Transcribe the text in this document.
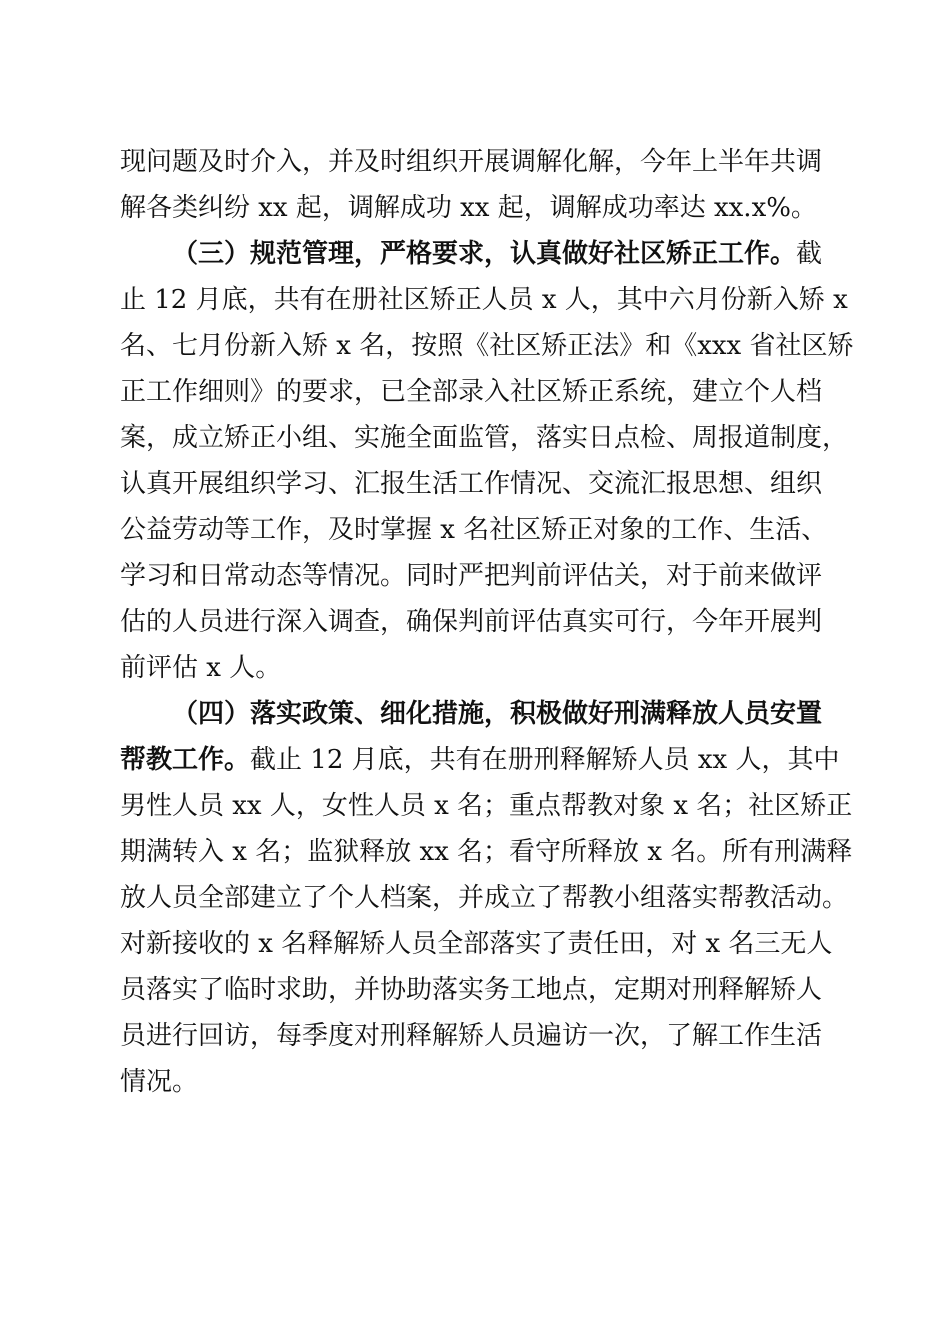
现问题及时介入，并及时组织开展调解化解，今年上半年共调
解各类纠纷 xx 起，调解成功 xx 起，调解成功率达 xx.x%。
（三）规范管理，严格要求，认真做好社区矫正工作。截
止 12 月底，共有在册社区矫正人员 x 人，其中六月份新入矫 x
名、七月份新入矫 x 名，按照《社区矫正法》和《xxx 省社区矫
正工作细则》的要求，已全部录入社区矫正系统，建立个人档
案，成立矫正小组、实施全面监管，落实日点检、周报道制度，
认真开展组织学习、汇报生活工作情况、交流汇报思想、组织
公益劳动等工作，及时掌握 x 名社区矫正对象的工作、生活、
学习和日常动态等情况。同时严把判前评估关，对于前来做评
估的人员进行深入调查，确保判前评估真实可行，今年开展判
前评估 x 人。
（四）落实政策、细化措施，积极做好刑满释放人员安置
帮教工作。截止 12 月底，共有在册刑释解矫人员 xx 人，其中
男性人员 xx 人，女性人员 x 名；重点帮教对象 x 名；社区矫正
期满转入 x 名；监狱释放 xx 名；看守所释放 x 名。所有刑满释
放人员全部建立了个人档案，并成立了帮教小组落实帮教活动。
对新接收的 x 名释解矫人员全部落实了责任田，对 x 名三无人
员落实了临时求助，并协助落实务工地点，定期对刑释解矫人
员进行回访，每季度对刑释解矫人员遍访一次，了解工作生活
情况。
